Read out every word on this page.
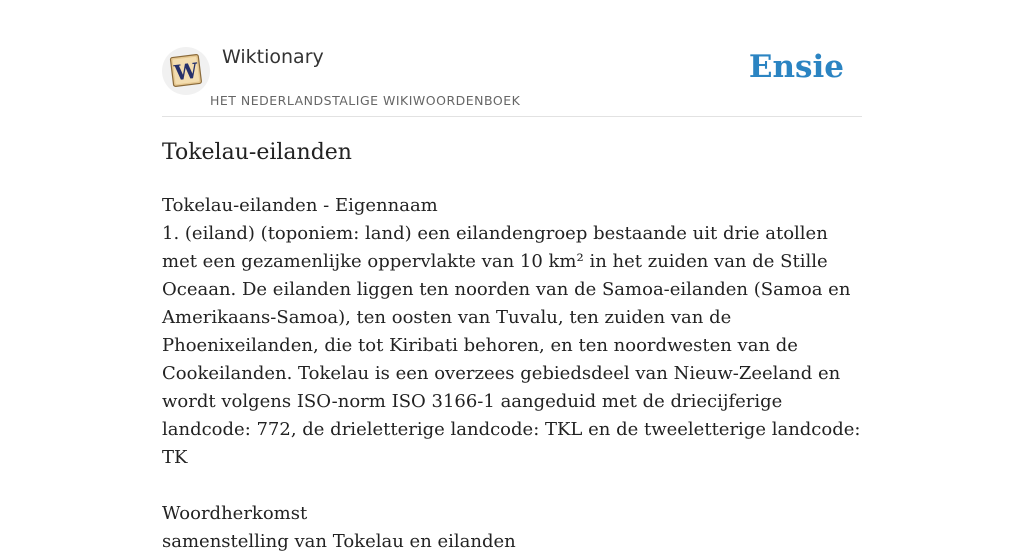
W
Wiktionary
HET NEDERLANDSTALIGE WIKIWOORDENBOEK
Ensie
Tokelau-eilanden

Tokelau-eilanden - Eigennaam

1. (eiland) (toponiem: land) een eilandengroep bestaande uit drie atollen met een gezamenlijke oppervlakte van 10 km² in het zuiden van de Stille Oceaan. De eilanden liggen ten noorden van de Samoa-eilanden (Samoa en Amerikaans-Samoa), ten oosten van Tuvalu, ten zuiden van de Phoenixeilanden, die tot Kiribati behoren, en ten noordwesten van de Cookeilanden. Tokelau is een overzees gebiedsdeel van Nieuw-Zeeland en wordt volgens ISO-norm ISO 3166-1 aangeduid met de driecijferige landcode: 772, de drieletterige landcode: TKL en de tweeletterige landcode: TK

Woordherkomst

samenstelling van Tokelau en eilanden
